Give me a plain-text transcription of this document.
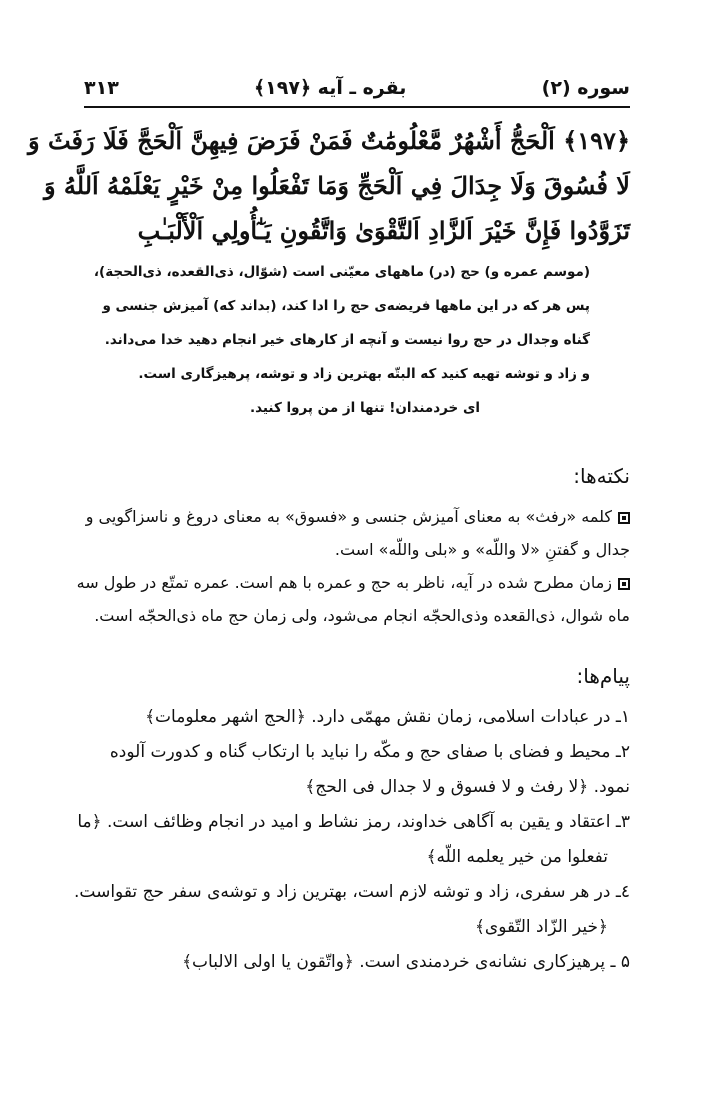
سوره (۲)
بقره ـ آیه ﴿۱۹۷﴾
۳۱۳
﴿۱۹۷﴾ اَلْحَجُّ أَشْهُرٌ مَّعْلُومَٰتٌ فَمَنْ فَرَضَ فِيهِنَّ اَلْحَجَّ فَلَا رَفَثَ وَ
لَا فُسُوقَ وَلَا جِدَالَ فِي اَلْحَجِّ وَمَا تَفْعَلُوا مِنْ خَيْرٍ يَعْلَمْهُ اَللَّهُ وَ
تَزَوَّدُوا فَإِنَّ خَيْرَ اَلزَّادِ اَلتَّقْوَىٰ وَاتَّقُونِ يَـٰٓأُولِي اَلْأَلْبَـٰبِ
(موسم عمره و) حج (در) ماههای معیّنی است (شوّال، ذی‌القعده، ذی‌الحجة)،
پس هر که در این ماهها فریضه‌ی حج را ادا کند، (بداند که) آمیزش جنسی و
گناه وجدال در حج روا نیست و آنچه از کارهای خیر انجام دهید خدا می‌داند.
و زاد و توشه تهیه کنید که البتّه بهترین زاد و توشه، پرهیزگاری است.
ای خردمندان! تنها از من پروا کنید.
نکته‌ها:
کلمه «رفث» به معنای آمیزش جنسی و «فسوق» به معنای دروغ و ناسزاگویی و
جدال و گفتنِ «لا واللّه» و «بلی واللّه» است.
زمان مطرح شده در آیه، ناظر به حج و عمره با هم است. عمره تمتّع در طول سه
ماه شوال، ذی‌القعده وذی‌الحجّه انجام می‌شود، ولی زمان حج ماه ذی‌الحجّه است.
پیام‌ها:
۱ـ در عبادات اسلامی، زمان نقش مهمّی دارد. ﴿الحج اشهر معلومات﴾
۲ـ محیط و فضای با صفای حج و مکّه را نباید با ارتکاب گناه و کدورت آلوده
نمود. ﴿لا رفث و لا فسوق و لا جدال فی الحج﴾
۳ـ اعتقاد و یقین به آگاهی خداوند، رمز نشاط و امید در انجام وظائف است. ﴿ما
تفعلوا من خیر یعلمه اللّه﴾
٤ـ در هر سفری، زاد و توشه لازم است، بهترین زاد و توشه‌ی سفر حج تقواست.
﴿خیر الزّاد التّقوی﴾
۵ ـ پرهیزکاری نشانه‌ی خردمندی است. ﴿واتّقون یا اولی الالباب﴾
